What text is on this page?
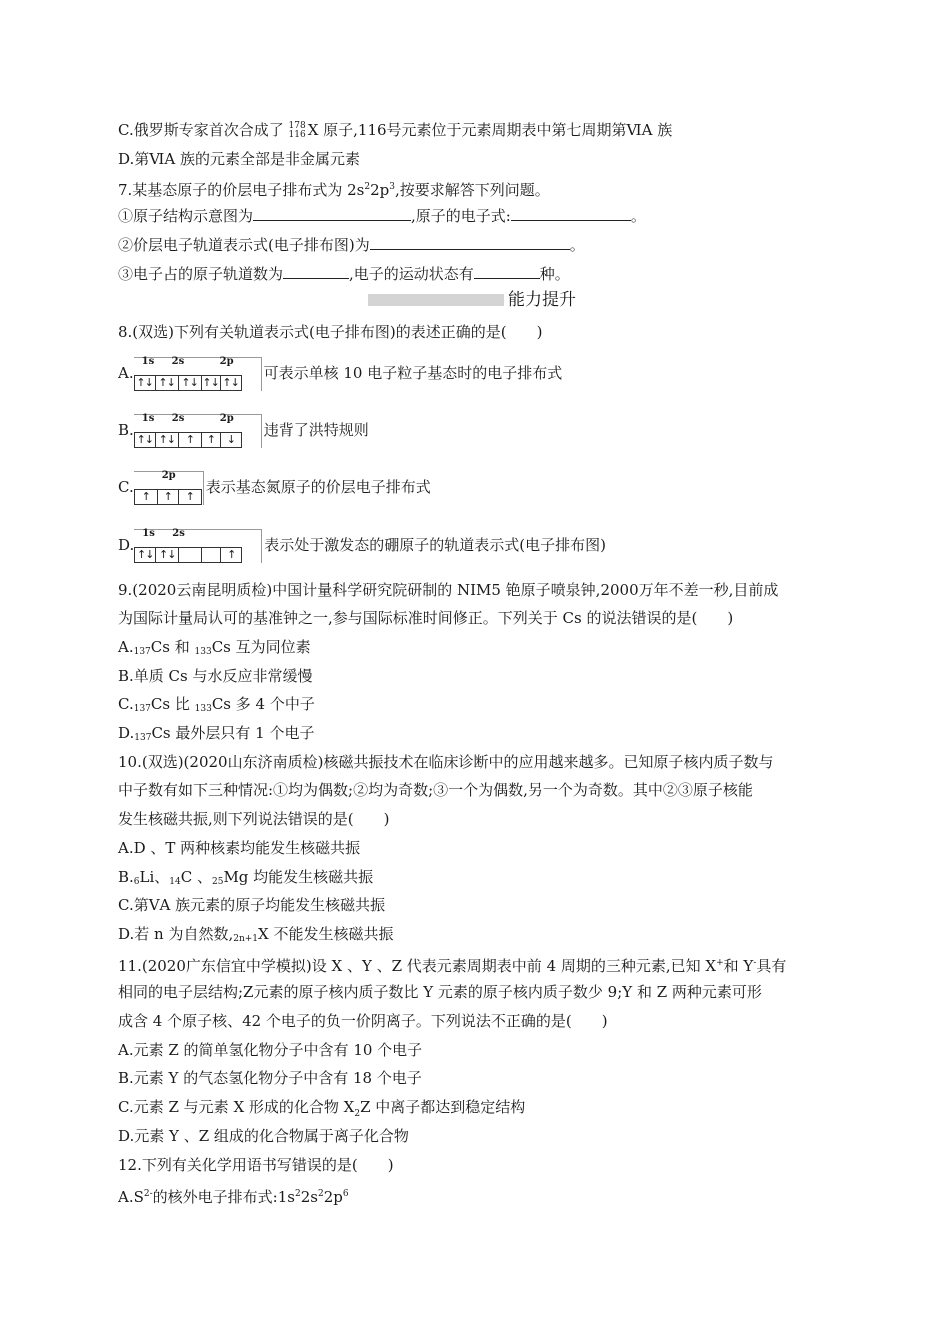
C.俄罗斯专家首次合成了 178
116 X 原子,116号元素位于元素周期表中第七周期第ⅥA 族
D.第ⅥA 族的元素全部是非金属元素
7.某基态原子的价层电子排布式为 $2s^22p^3$,按要求解答下列问题。
①原子结构示意图为	,原子的电子式:	。
②价层电子轨道表示式(电子排布图)为	。
③电子占的原子轨道数为	,电子的运动状态有	种。
能力提升
8.(双选)下列有关轨道表示式(电子排布图)的表述正确的是(　　)
A.
1s 2s	2p
↑↓ ↑↓ ↑↓ ↑↓ ↑↓
可表示单核 10 电子粒子基态时的电子排布式
B.
1s 2s	2p
↑↓ ↑↓ ↑	↑	↓
违背了洪特规则
C.
2p
↑	↑	↑
表示基态氮原子的价层电子排布式
D.
1s 2s
↑↓ ↑↓	↑
表示处于激发态的硼原子的轨道表示式(电子排布图)
9.(2020云南昆明质检)中国计量科学研究院研制的 NIM5 铯原子喷泉钟,2000万年不差一秒,目前成
为国际计量局认可的基准钟之一,参与国际标准时间修正。下列关于 Cs 的说法错误的是(　　)
A.137Cs 和 133Cs 互为同位素
B.单质 Cs 与水反应非常缓慢
C.137Cs 比 133Cs 多 4 个中子
D.137Cs 最外层只有 1 个电子
10.(双选)(2020山东济南质检)核磁共振技术在临床诊断中的应用越来越多。已知原子核内质子数与
中子数有如下三种情况:①均为偶数;②均为奇数;③一个为偶数,另一个为奇数。其中②③原子核能
发生核磁共振,则下列说法错误的是(　　)
A.D 、T 两种核素均能发生核磁共振
B.6Li、14C 、25Mg 均能发生核磁共振
C.第ⅤA 族元素的原子均能发生核磁共振
D.若 n 为自然数,2n+1X 不能发生核磁共振
11.(2020广东信宜中学模拟)设 X 、Y 、Z 代表元素周期表中前 4 周期的三种元素,已知 X+和 Y-具有
相同的电子层结构;Z元素的原子核内质子数比 Y 元素的原子核内质子数少 9;Y 和 Z 两种元素可形
成含 4 个原子核、42 个电子的负一价阴离子。下列说法不正确的是(　　)
A.元素 Z 的简单氢化物分子中含有 10 个电子
B.元素 Y 的气态氢化物分子中含有 18 个电子
C.元素 Z 与元素 X 形成的化合物 $X_2Z$ 中离子都达到稳定结构
D.元素 Y 、Z 组成的化合物属于离子化合物
12.下列有关化学用语书写错误的是(　　)
$A.S^{2-}$的核外电子排布式$:1s^22s^22p^6$
